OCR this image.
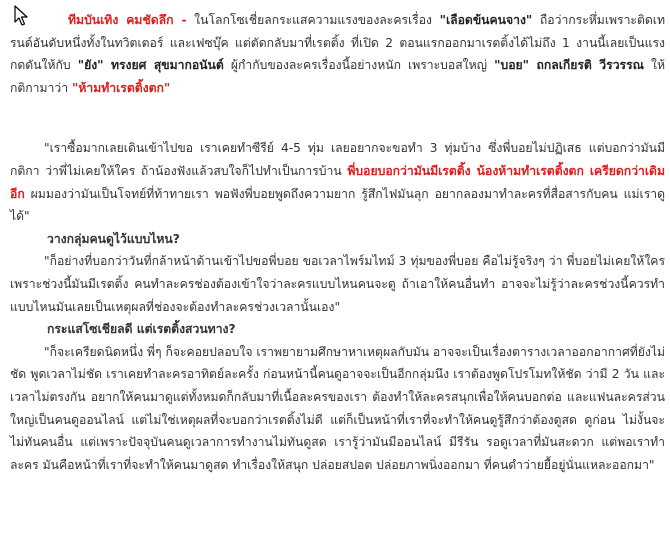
ทีมบันเทิง คมชัดลึก - ในโลกโซเชี่ยลกระแสความแรงของละครเรื่อง "เลือดข้นคนจาง" ถือว่ากระหึ่มเพราะติดเทรนด์อันดับหนึ่งทั้งในทวิตเตอร์ และเฟซบุ๊ค แต่ตัดกลับมาที่เรตติ้ง ที่เปิด 2 ตอนแรกออกมาเรตติ้งได้ไม่ถึง 1 งานนี้เลยเป็นแรงกดดันให้กับ "ยัง" ทรงยศ สุขมากอนันต์ ผู้กำกับของละครเรื่องนี้อย่างหนัก เพราะบอสใหญ่ "บอย" ถกลเกียรติ วีรวรรณ ให้กติกามาว่า "ห้ามทำเรตติ้งตก"

"เราซื้อมากเลยเดินเข้าไปขอ เราเคยทำซีรีย์ 4-5 ทุ่ม เลยอยากจะขอทำ 3 ทุ่มบ้าง ซึ่งพี่บอยไม่ปฏิเสธ แต่บอกว่ามันมีกติกา ว่าพี่ไม่เคยให้ใคร ถ้าน้องฟังแล้วสบใจก็ไปทำเป็นการบ้าน พี่บอยบอกว่ามันมีเรตติ้ง น้องห้ามทำเรตติ้งตก เครียดกว่าเดิมอีก ผมมองว่ามันเป็นโจทย์ที่ท้าทายเรา พอฟังพี่บอยพูดถึงความยาก รู้สึกไฟมันลุก อยากลองมาทำละครที่สื่อสารกับคน แม่เราดูได้"

วางกลุ่มคนดูไว้แบบไหน?

"ก็อย่างที่บอกว่าวันที่กล้าหน้าด้านเข้าไปขอพี่บอย ขอเวลาไพร์มไทม์ 3 ทุ่มของพี่บอย คือไม่รู้จริงๆ ว่า พี่บอยไม่เคยให้ใคร เพราะช่วงนี้มันมีเรตติ้ง คนทำละครช่องต้องเข้าใจว่าละครแบบไหนคนจะดู ถ้าเอาให้คนอื่นทำ อาจจะไม่รู้ว่าละครช่วงนี้ควรทำแบบไหนมันเลยเป็นเหตุผลที่ช่องจะต้องทำละครช่วงเวลานั้นเอง"

กระแสโซเชียลดี แต่เรตติ้งสวนทาง?

"ก็จะเครียดนิดหนึ่ง พี่ๆ ก็จะคอยปลอบใจ เราพยายามศึกษาหาเหตุผลกับมัน อาจจะเป็นเรื่องตารางเวลาออกอากาศที่ยังไม่ชัด พูดเวลาไม่ชัด เราเคยทำละครอาทิตย์ละครั้ง ก่อนหน้านี้คนดูอาจจะเป็นอีกกลุ่มนึง เราต้องพูดโปรโมทให้ชัด ว่ามี 2 วัน และเวลาไม่ตรงกัน อยากให้คนมาดูแต่ทั้งหมดก็กลับมาที่เนื้อละครของเรา ต้องทำให้ละครสนุกเพื่อให้คนบอกต่อ และแฟนละครส่วนใหญ่เป็นคนดูออนไลน์ แต่ไม่ใช่เหตุผลที่จะบอกว่าเรตติ้งไม่ดี แต่ก็เป็นหน้าที่เราที่จะทำให้คนดูรู้สึกว่าต้องดูสด ดูก่อน ไม่งั้นจะไม่ทันคนอื่น แต่เพราะปัจจุบันคนดูเวลาการทำงานไม่ทันดูสด เรารู้ว่ามันมีออนไลน์ มีรีรัน รอดูเวลาที่มันสะดวก แต่พอเราทำละคร มันคือหน้าที่เราที่จะทำให้คนมาดูสด ทำเรื่องให้สนุก ปล่อยสปอต ปล่อยภาพนิ่งออกมา ที่คนดำว่ายยื้อยู่นั่นแหละออกมา"
